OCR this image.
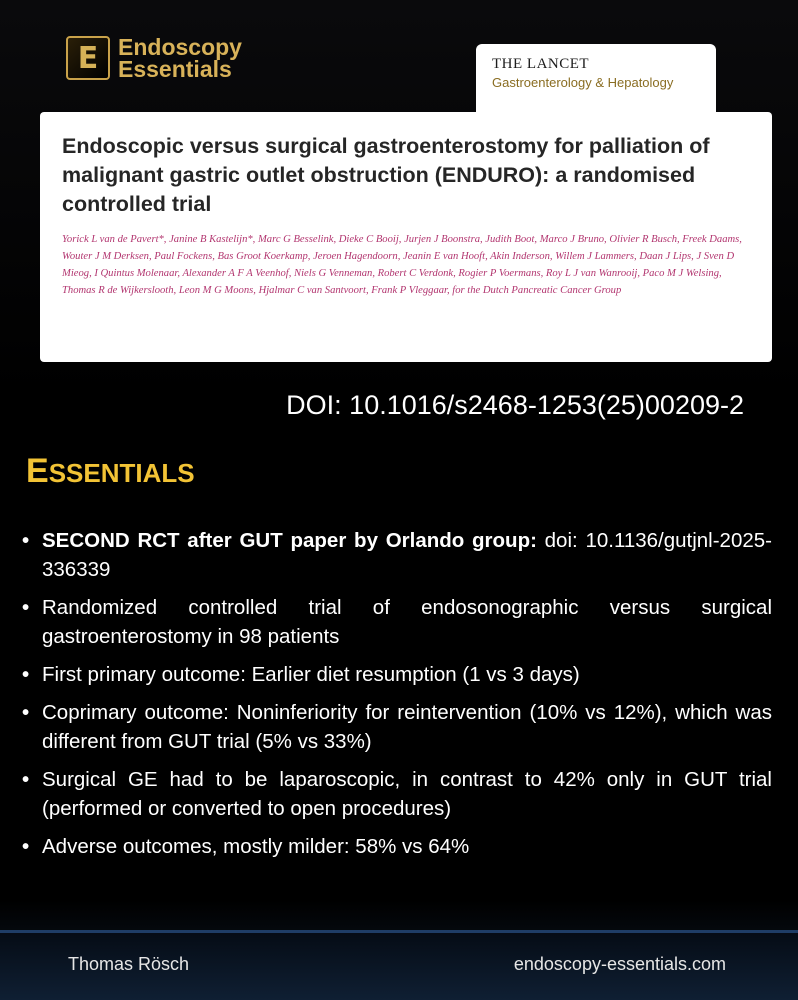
E Endoscopy
Essentials	THE LANCET
Gastroenterology & Hepatology
Endoscopic versus surgical gastroenterostomy for palliation of malignant gastric outlet obstruction (ENDURO): a randomised controlled trial
Yorick L van de Pavert*, Janine B Kastelijn*, Marc G Besselink, Dieke C Booij, Jurjen J Boonstra, Judith Boot, Marco J Bruno, Olivier R Busch, Freek Daams, Wouter J M Derksen, Paul Fockens, Bas Groot Koerkamp, Jeroen Hagendoorn, Jeanin E van Hooft, Akin Inderson, Willem J Lammers, Daan J Lips, J Sven D Mieog, I Quintus Molenaar, Alexander A F A Veenhof, Niels G Venneman, Robert C Verdonk, Rogier P Voermans, Roy L J van Wanrooij, Paco M J Welsing, Thomas R de Wijkerslooth, Leon M G Moons, Hjalmar C van Santvoort, Frank P Vleggaar, for the Dutch Pancreatic Cancer Group
DOI: 10.1016/s2468-1253(25)00209-2
ESSENTIALS
• SECOND RCT after GUT paper by Orlando group: doi: 10.1136/gutjnl-2025-336339
• Randomized controlled trial of endosonographic versus surgical gastroenterostomy in 98 patients
• First primary outcome: Earlier diet resumption (1 vs 3 days)
• Coprimary outcome: Noninferiority for reintervention (10% vs 12%), which was different from GUT trial (5% vs 33%)
• Surgical GE had to be laparoscopic, in contrast to 42% only in GUT trial (performed or converted to open procedures)
• Adverse outcomes, mostly milder: 58% vs 64%
Thomas Rösch	endoscopy-essentials.com
